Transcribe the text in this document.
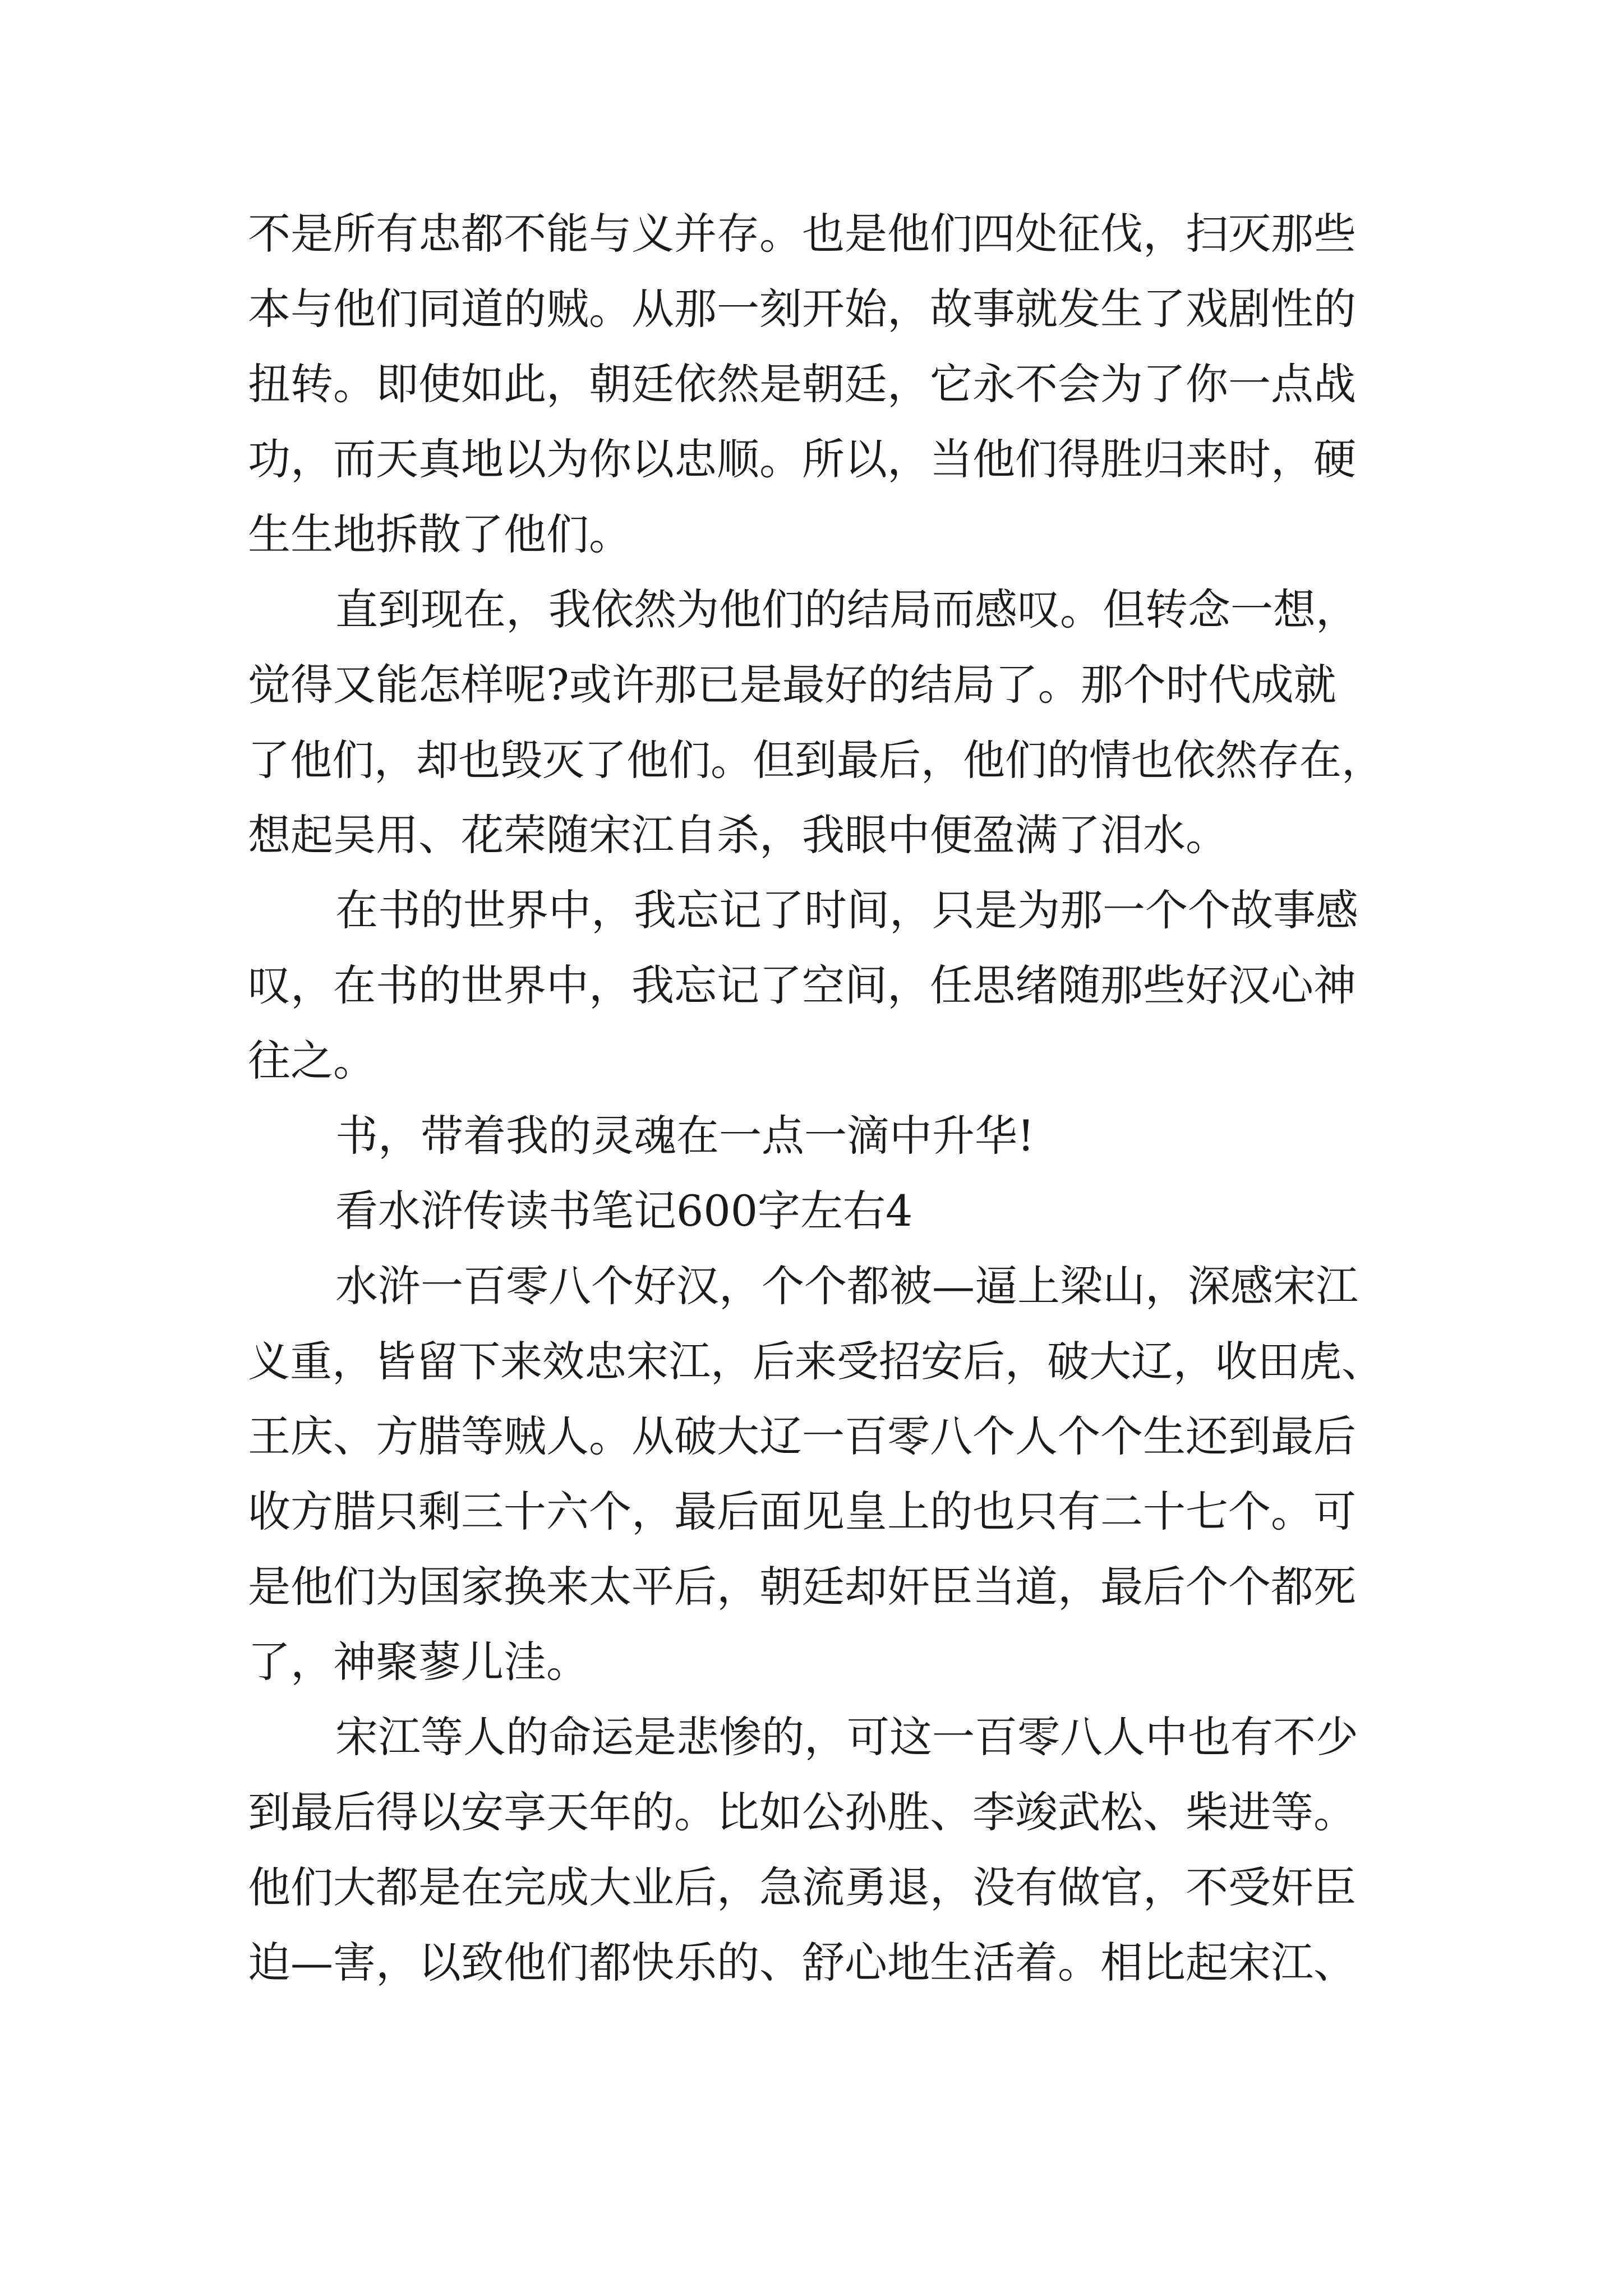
不是所有忠都不能与义并存。也是他们四处征伐，扫灭那些

本与他们同道的贼。从那一刻开始，故事就发生了戏剧性的

扭转。即使如此，朝廷依然是朝廷，它永不会为了你一点战

功，而天真地以为你以忠顺。所以，当他们得胜归来时，硬

生生地拆散了他们。

直到现在，我依然为他们的结局而感叹。但转念一想，

觉得又能怎样呢?或许那已是最好的结局了。那个时代成就

了他们，却也毁灭了他们。但到最后，他们的情也依然存在，

想起吴用、花荣随宋江自杀，我眼中便盈满了泪水。

在书的世界中，我忘记了时间，只是为那一个个故事感

叹，在书的世界中，我忘记了空间，任思绪随那些好汉心神

往之。

书，带着我的灵魂在一点一滴中升华!

看水浒传读书笔记600字左右4

水浒一百零八个好汉，个个都被—逼上梁山，深感宋江

义重，皆留下来效忠宋江，后来受招安后，破大辽，收田虎、

王庆、方腊等贼人。从破大辽一百零八个人个个生还到最后

收方腊只剩三十六个，最后面见皇上的也只有二十七个。可

是他们为国家换来太平后，朝廷却奸臣当道，最后个个都死

了，神聚蓼儿洼。

宋江等人的命运是悲惨的，可这一百零八人中也有不少

到最后得以安享天年的。比如公孙胜、李竣武松、柴进等。

他们大都是在完成大业后，急流勇退，没有做官，不受奸臣

迫—害，以致他们都快乐的、舒心地生活着。相比起宋江、
